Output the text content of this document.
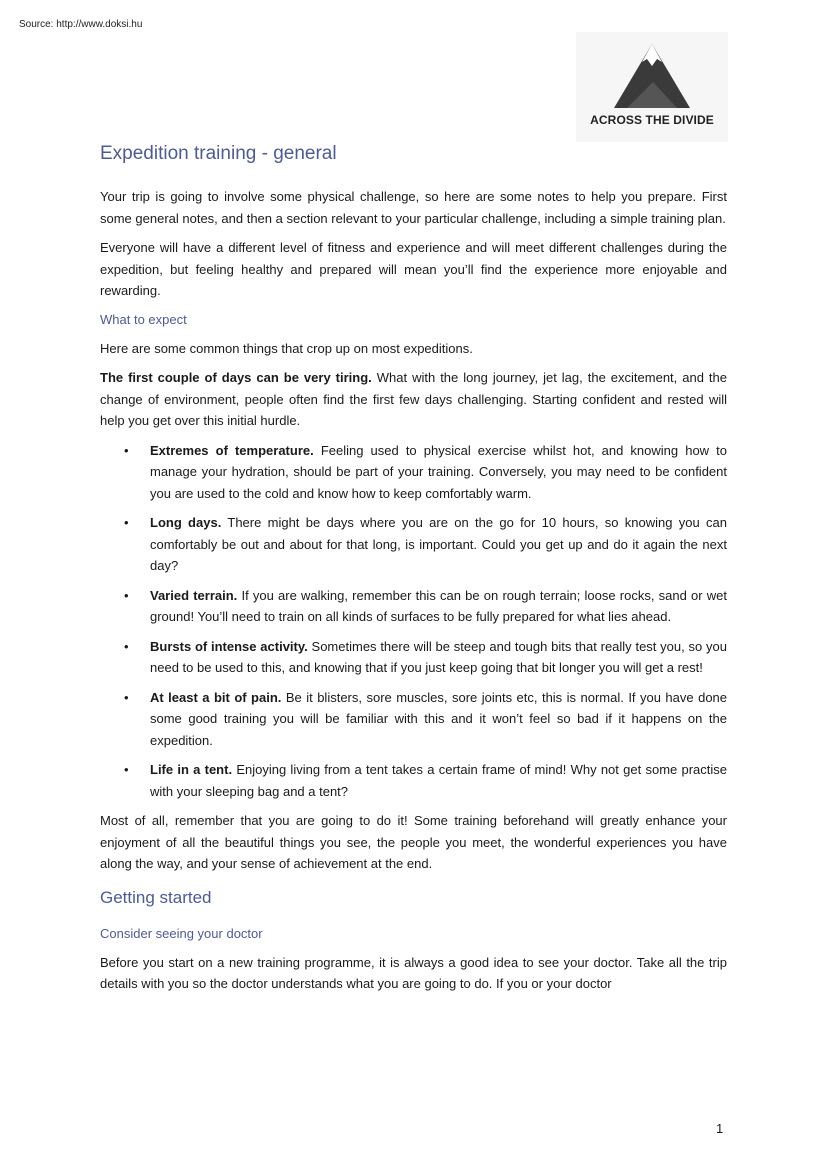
Source: http://www.doksi.hu
ACROSS THE DIVIDE
Expedition training - general

Your trip is going to involve some physical challenge, so here are some notes to help you prepare. First some general notes, and then a section relevant to your particular challenge, including a simple training plan.

Everyone will have a different level of fitness and experience and will meet different challenges during the expedition, but feeling healthy and prepared will mean you’ll find the experience more enjoyable and rewarding.

What to expect

Here are some common things that crop up on most expeditions.

The first couple of days can be very tiring. What with the long journey, jet lag, the excitement, and the change of environment, people often find the first few days challenging. Starting confident and rested will help you get over this initial hurdle.

• Extremes of temperature. Feeling used to physical exercise whilst hot, and knowing how to manage your hydration, should be part of your training. Conversely, you may need to be confident you are used to the cold and know how to keep comfortably warm.
• Long days. There might be days where you are on the go for 10 hours, so knowing you can comfortably be out and about for that long, is important. Could you get up and do it again the next day?
• Varied terrain. If you are walking, remember this can be on rough terrain; loose rocks, sand or wet ground! You’ll need to train on all kinds of surfaces to be fully prepared for what lies ahead.
• Bursts of intense activity. Sometimes there will be steep and tough bits that really test you, so you need to be used to this, and knowing that if you just keep going that bit longer you will get a rest!
• At least a bit of pain. Be it blisters, sore muscles, sore joints etc, this is normal. If you have done some good training you will be familiar with this and it won’t feel so bad if it happens on the expedition.
• Life in a tent. Enjoying living from a tent takes a certain frame of mind! Why not get some practise with your sleeping bag and a tent?

Most of all, remember that you are going to do it! Some training beforehand will greatly enhance your enjoyment of all the beautiful things you see, the people you meet, the wonderful experiences you have along the way, and your sense of achievement at the end.

Getting started
Consider seeing your doctor

Before you start on a new training programme, it is always a good idea to see your doctor. Take all the trip details with you so the doctor understands what you are going to do. If you or your doctor

1
